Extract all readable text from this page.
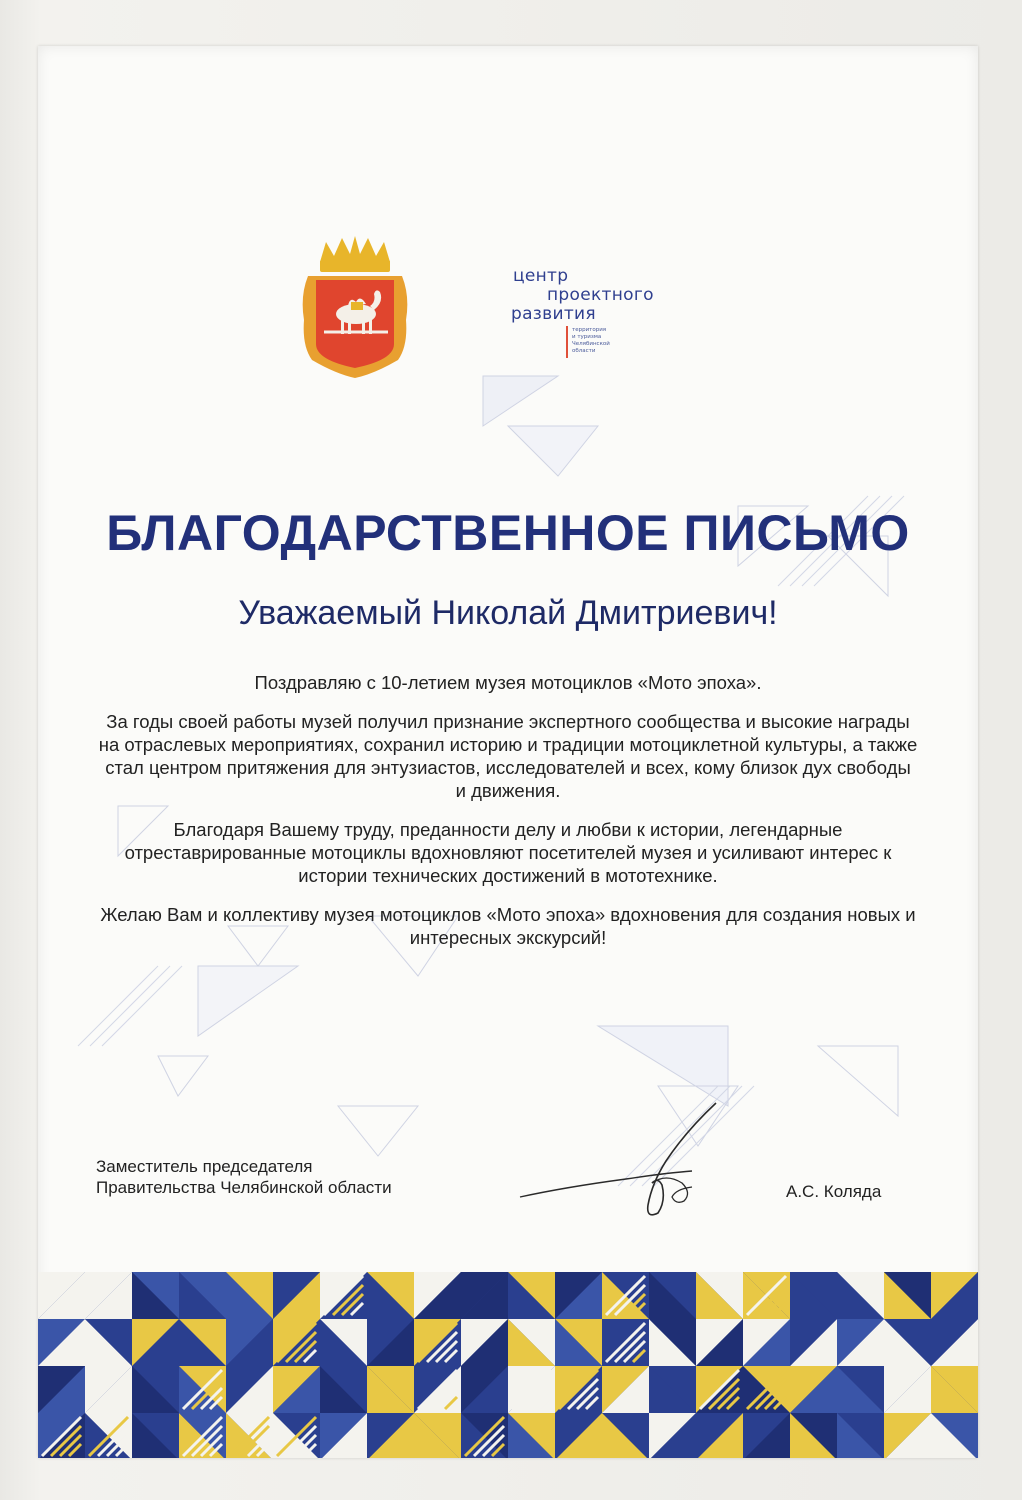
центр
проектного
развития
территория
и туризма
Челябинской
области
БЛАГОДАРСТВЕННОЕ ПИСЬМО
Уважаемый Николай Дмитриевич!

Поздравляю с 10-летием музея мотоциклов «Мото эпоха».

За годы своей работы музей получил признание экспертного сообщества и высокие награды на отраслевых мероприятиях, сохранил историю и традиции мотоциклетной культуры, а также стал центром притяжения для энтузиастов, исследователей и всех, кому близок дух свободы и движения.

Благодаря Вашему труду, преданности делу и любви к истории, легендарные отреставрированные мотоциклы вдохновляют посетителей музея и усиливают интерес к истории технических достижений в мототехнике.

Желаю Вам и коллективу музея мотоциклов «Мото эпоха» вдохновения для создания новых и интересных экскурсий!

Заместитель председателя
Правительства Челябинской области	А.С. Коляда
